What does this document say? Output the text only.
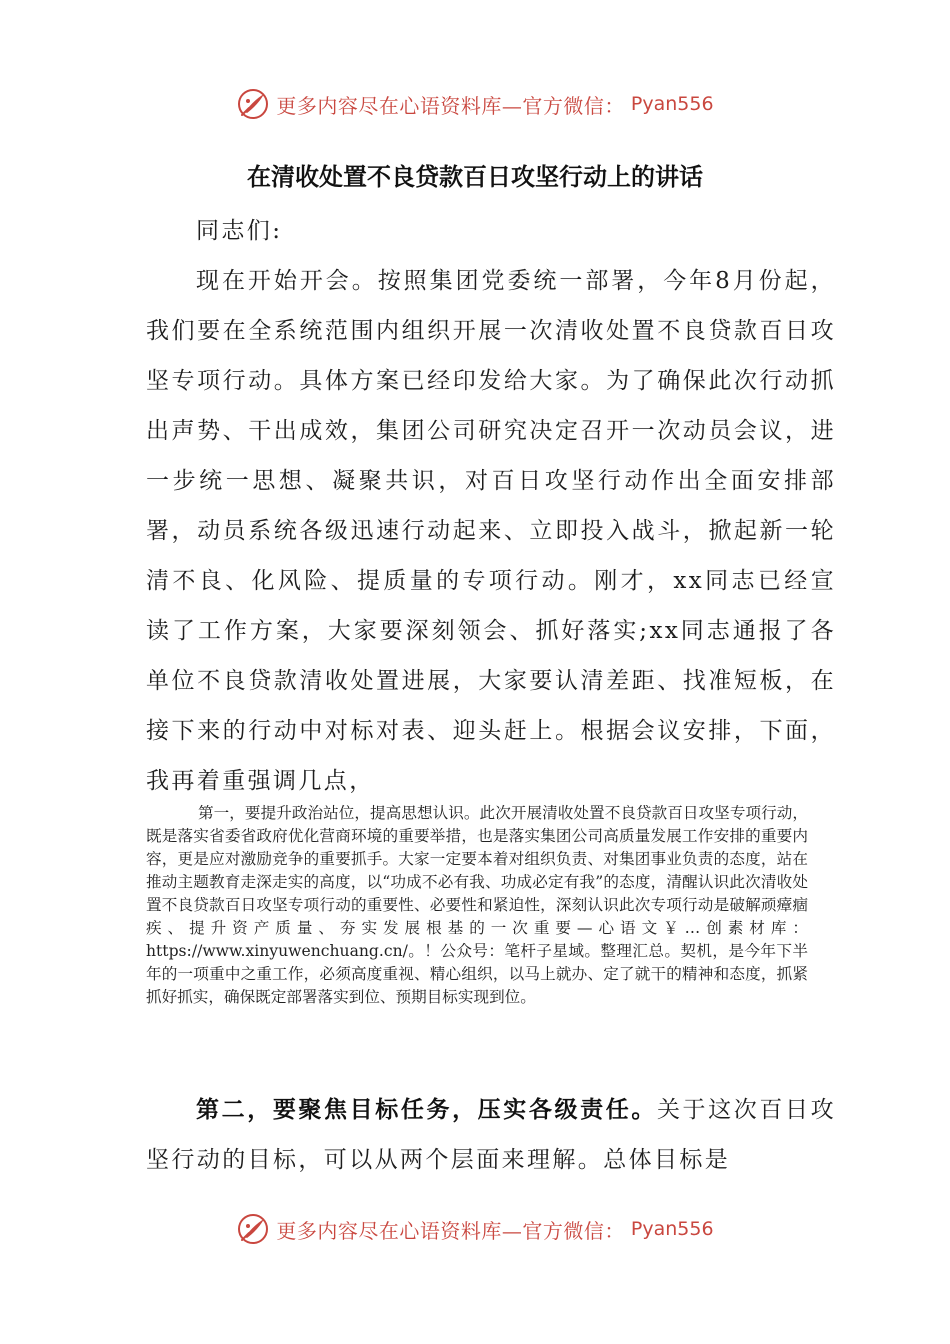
更多内容尽在心语资料库—官方微信： Pyan556
在清收处置不良贷款百日攻坚行动上的讲话

同志们:

现在开始开会。按照集团党委统一部署，今年8月份起，我们要在全系统范围内组织开展一次清收处置不良贷款百日攻坚专项行动。具体方案已经印发给大家。为了确保此次行动抓出声势、干出成效，集团公司研究决定召开一次动员会议，进一步统一思想、凝聚共识，对百日攻坚行动作出全面安排部署，动员系统各级迅速行动起来、立即投入战斗，掀起新一轮清不良、化风险、提质量的专项行动。刚才，xx同志已经宣读了工作方案，大家要深刻领会、抓好落实;xx同志通报了各单位不良贷款清收处置进展，大家要认清差距、找准短板，在接下来的行动中对标对表、迎头赶上。根据会议安排，下面，我再着重强调几点，

第一，要提升政治站位，提高思想认识。此次开展清收处置不良贷款百日攻坚专项行动，既是落实省委省政府优化营商环境的重要举措，也是落实集团公司高质量发展工作安排的重要内容，更是应对激励竞争的重要抓手。大家一定要本着对组织负责、对集团事业负责的态度，站在推动主题教育走深走实的高度，以“功成不必有我、功成必定有我”的态度，清醒认识此次清收处置不良贷款百日攻坚专项行动的重要性、必要性和紧迫性，深刻认识此次专项行动是破解顽瘴痼疾、提升资产质量、夯实发展根基的一次重要—心语文￥…创素材库：https://www.xinyuwenchuang.cn/。！公众号：笔杆子星域。整理汇总。契机，是今年下半年的一项重中之重工作，必须高度重视、精心组织，以马上就办、定了就干的精神和态度，抓紧抓好抓实，确保既定部署落实到位、预期目标实现到位。

第二，要聚焦目标任务，压实各级责任。关于这次百日攻坚行动的目标，可以从两个层面来理解。总体目标是

更多内容尽在心语资料库—官方微信： Pyan556
